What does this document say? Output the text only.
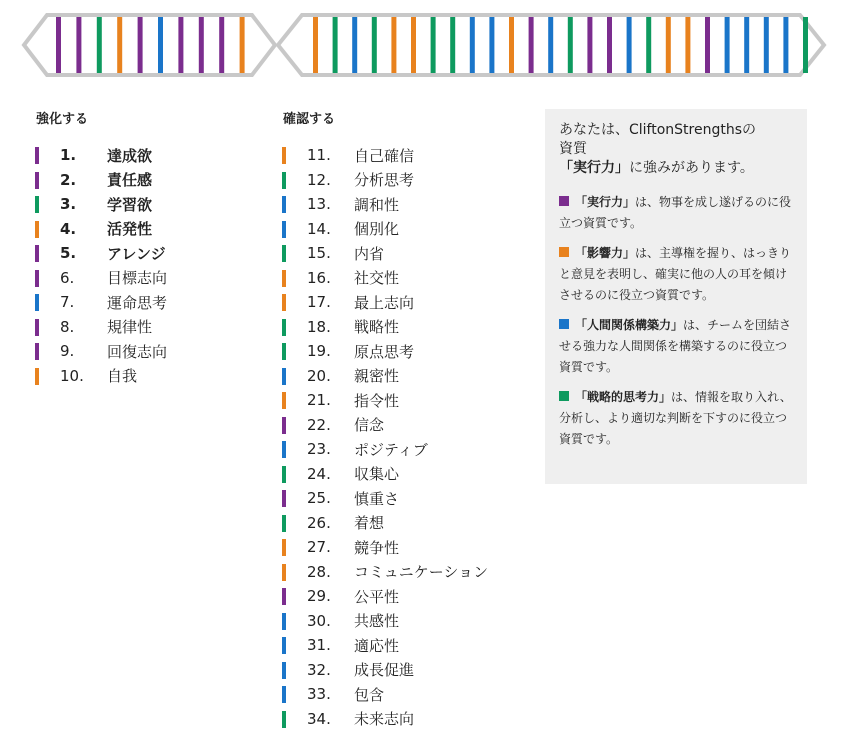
強化する
1. 達成欲
2. 責任感
3. 学習欲
4. 活発性
5. アレンジ
6. 目標志向
7. 運命思考
8. 規律性
9. 回復志向
10. 自我
確認する
11. 自己確信
12. 分析思考
13. 調和性
14. 個別化
15. 内省
16. 社交性
17. 最上志向
18. 戦略性
19. 原点思考
20. 親密性
21. 指令性
22. 信念
23. ポジティブ
24. 収集心
25. 慎重さ
26. 着想
27. 競争性
28. コミュニケーション
29. 公平性
30. 共感性
31. 適応性
32. 成長促進
33. 包含
34. 未来志向
あなたは、CliftonStrengthsの
資質
「実行力」に強みがあります。
「実行力」は、物事を成し遂げるのに役立つ資質です。
「影響力」は、主導権を握り、はっきりと意見を表明し、確実に他の人の耳を傾けさせるのに役立つ資質です。
「人間関係構築力」は、チームを団結させる強力な人間関係を構築するのに役立つ資質です。
「戦略的思考力」は、情報を取り入れ、分析し、より適切な判断を下すのに役立つ資質です。
